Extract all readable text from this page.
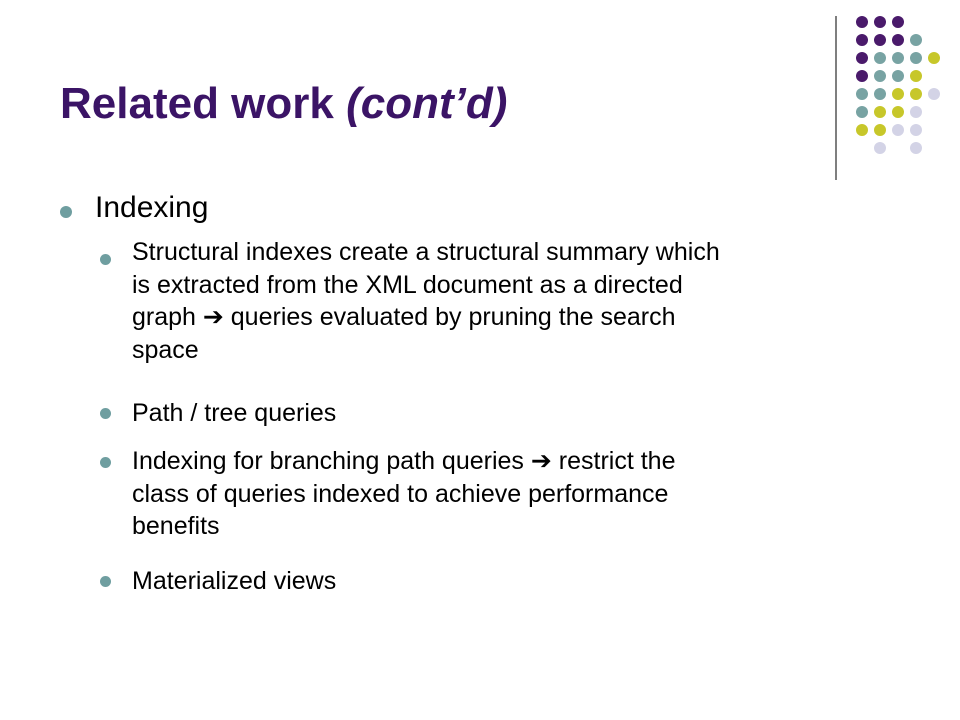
Related work (cont’d)
Indexing
Structural indexes create a structural summary which
is extracted from the XML document as a directed
graph ➔ queries evaluated by pruning the search
space
Path / tree queries
Indexing for branching path queries ➔ restrict the
class of queries indexed to achieve performance
benefits
Materialized views
